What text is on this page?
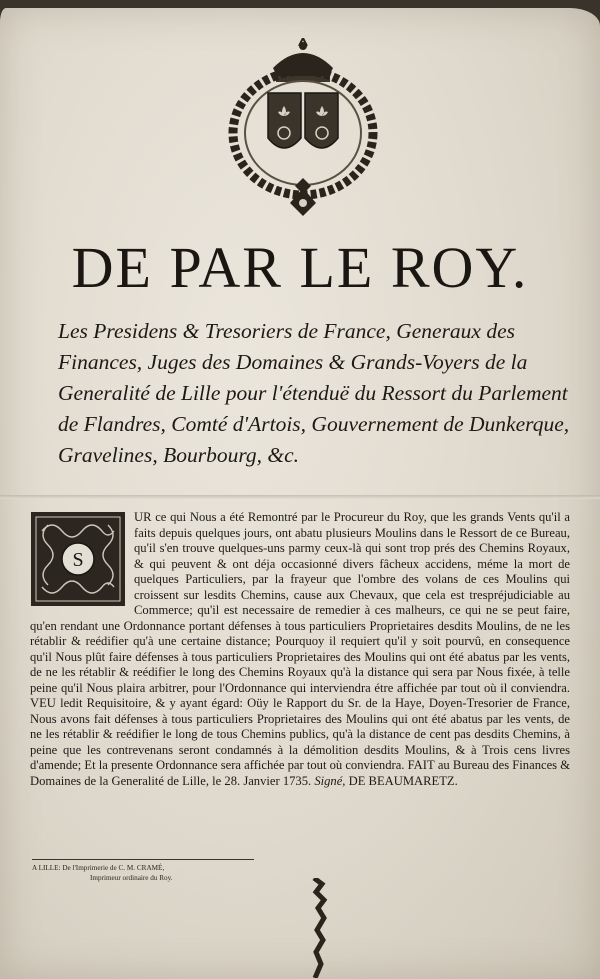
DE PAR LE ROY.
Les Presidens & Tresoriers de France, Generaux des Finances, Juges des Domaines & Grands-Voyers de la Generalité de Lille pour l'étenduë du Ressort du Parlement de Flandres, Comté d'Artois, Gouvernement de Dunkerque, Gravelines, Bourbourg, &c.
S
UR ce qui Nous a été Remontré par le Procureur du Roy, que les grands Vents qu'il a faits depuis quelques jours, ont abatu plusieurs Moulins dans le Ressort de ce Bureau, qu'il s'en trouve quelques-uns parmy ceux-là qui sont trop prés des Chemins Royaux, & qui peuvent & ont déja occasionné divers fâcheux accidens, méme la mort de quelques Particuliers, par la frayeur que l'ombre des volans de ces Moulins qui croissent sur lesdits Chemins, cause aux Chevaux, que cela est trespréjudiciable au Commerce; qu'il est necessaire de remedier à ces malheurs, ce qui ne se peut faire, qu'en rendant une Ordonnance portant défenses à tous particuliers Proprietaires desdits Moulins, de ne les rétablir & reédifier qu'à une certaine distance; Pourquoy il requiert qu'il y soit pourvû, en consequence qu'il Nous plût faire défenses à tous particuliers Proprietaires des Moulins qui ont été abatus par les vents, de ne les rétablir & reédifier le long des Chemins Royaux qu'à la distance qui sera par Nous fixée, à telle peine qu'il Nous plaira arbitrer, pour l'Ordonnance qui interviendra étre affichée par tout où il conviendra. VEU ledit Requisitoire, & y ayant égard: Oüy le Rapport du Sr. de la Haye, Doyen-Tresorier de France, Nous avons fait défenses à tous particuliers Proprietaires des Moulins qui ont été abatus par les vents, de ne les rétablir & reédifier le long de tous Chemins publics, qu'à la distance de cent pas desdits Chemins, à peine que les contrevenans seront condamnés à la démolition desdits Moulins, & à Trois cens livres d'amende; Et la presente Ordonnance sera affichée par tout où conviendra. FAIT au Bureau des Finances & Domaines de la Generalité de Lille, le 28. Janvier 1735. Signé, DE BEAUMARETZ.
A LILLE: De l'Imprimerie de C. M. CRAMÉ,
Imprimeur ordinaire du Roy.
